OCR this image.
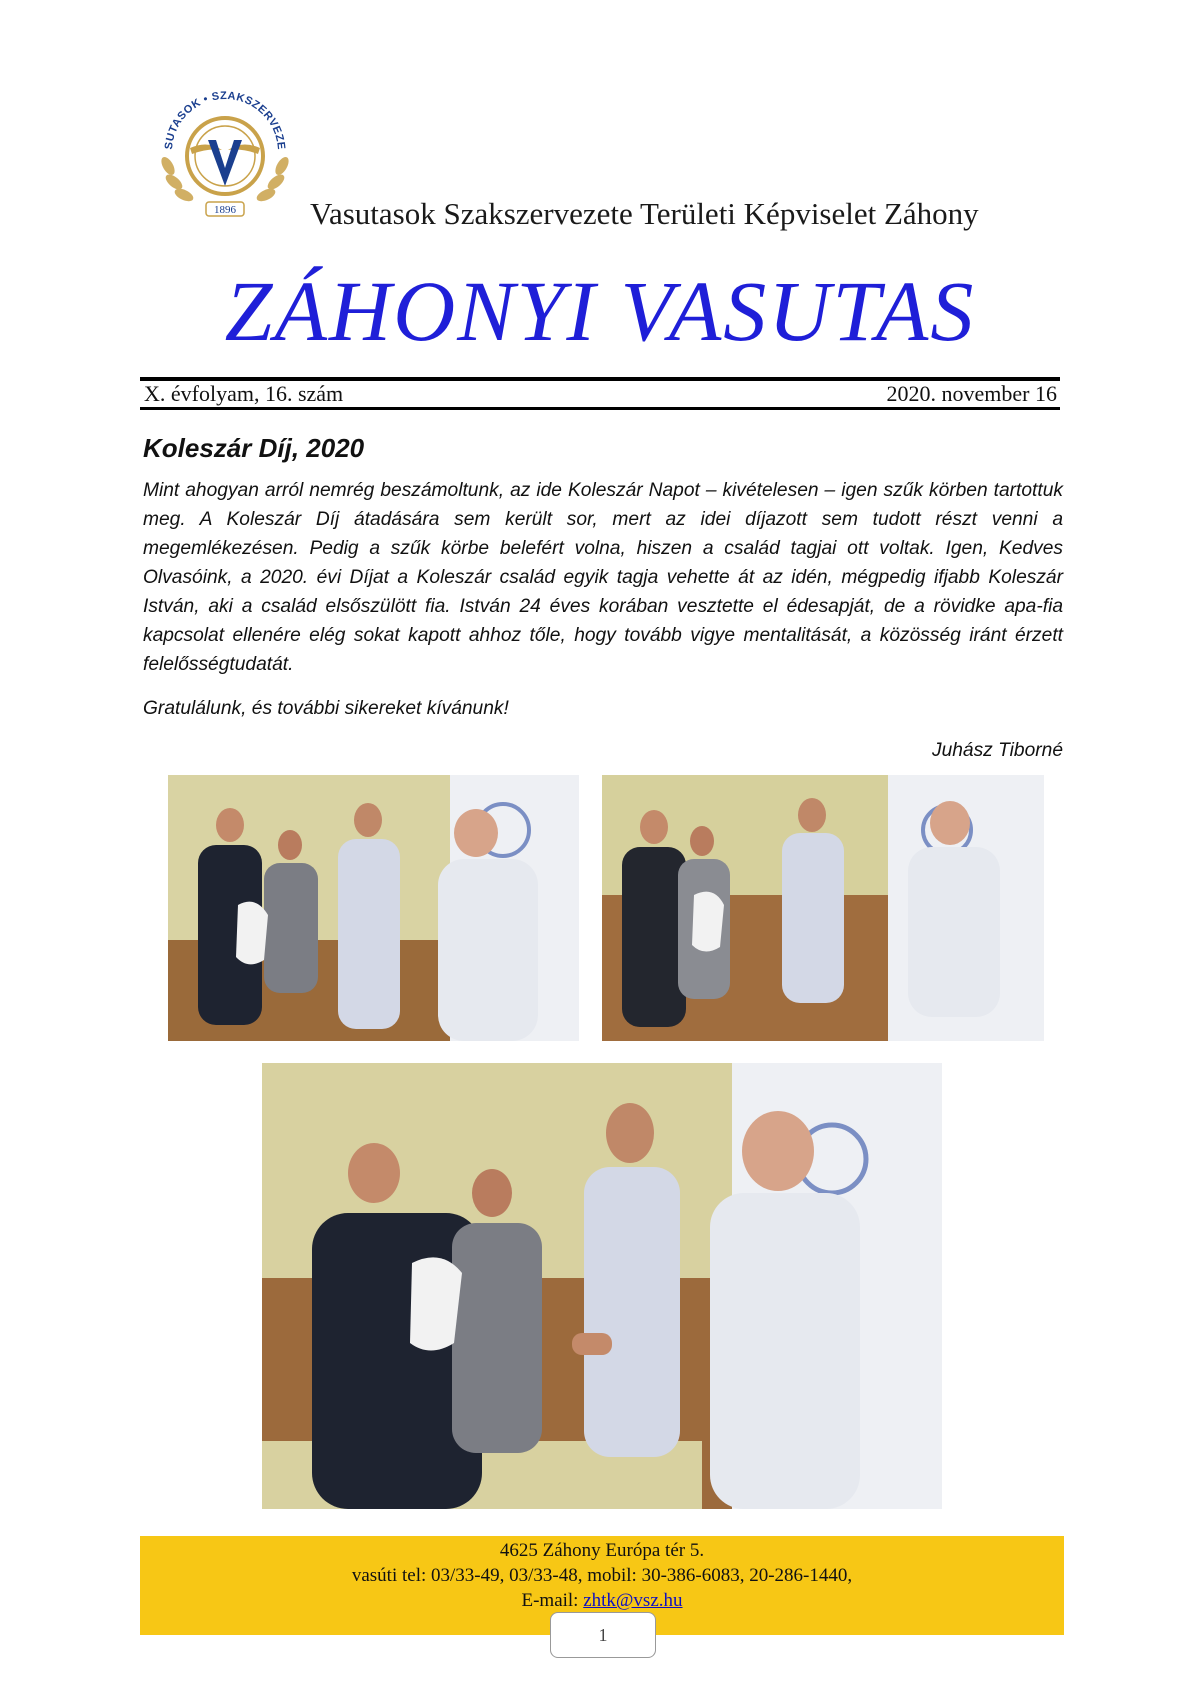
SUTASOK • SZAKSZERVEZE
1896 Vasutasok Szakszervezete Területi Képviselet Záhony
ZÁHONYI VASUTAS
X. évfolyam, 16. szám	2020. november 16
Koleszár Díj, 2020

Mint ahogyan arról nemrég beszámoltunk, az ide Koleszár Napot – kivételesen – igen szűk körben tartottuk meg. A Koleszár Díj átadására sem került sor, mert az idei díjazott sem tudott részt venni a megemlékezésen. Pedig a szűk körbe belefért volna, hiszen a család tagjai ott voltak. Igen, Kedves Olvasóink, a 2020. évi Díjat a Koleszár család egyik tagja vehette át az idén, mégpedig ifjabb Koleszár István, aki a család elsőszülött fia. István 24 éves korában vesztette el édesapját, de a rövidke apa-fia kapcsolat ellenére elég sokat kapott ahhoz tőle, hogy tovább vigye mentalitását, a közösség iránt érzett felelősségtudatát.

Gratulálunk, és további sikereket kívánunk!
Juhász Tiborné
4625 Záhony Európa tér 5.
vasúti tel: 03/33-49, 03/33-48, mobil: 30-386-6083, 20-286-1440,
E-mail: zhtk@vsz.hu
1
